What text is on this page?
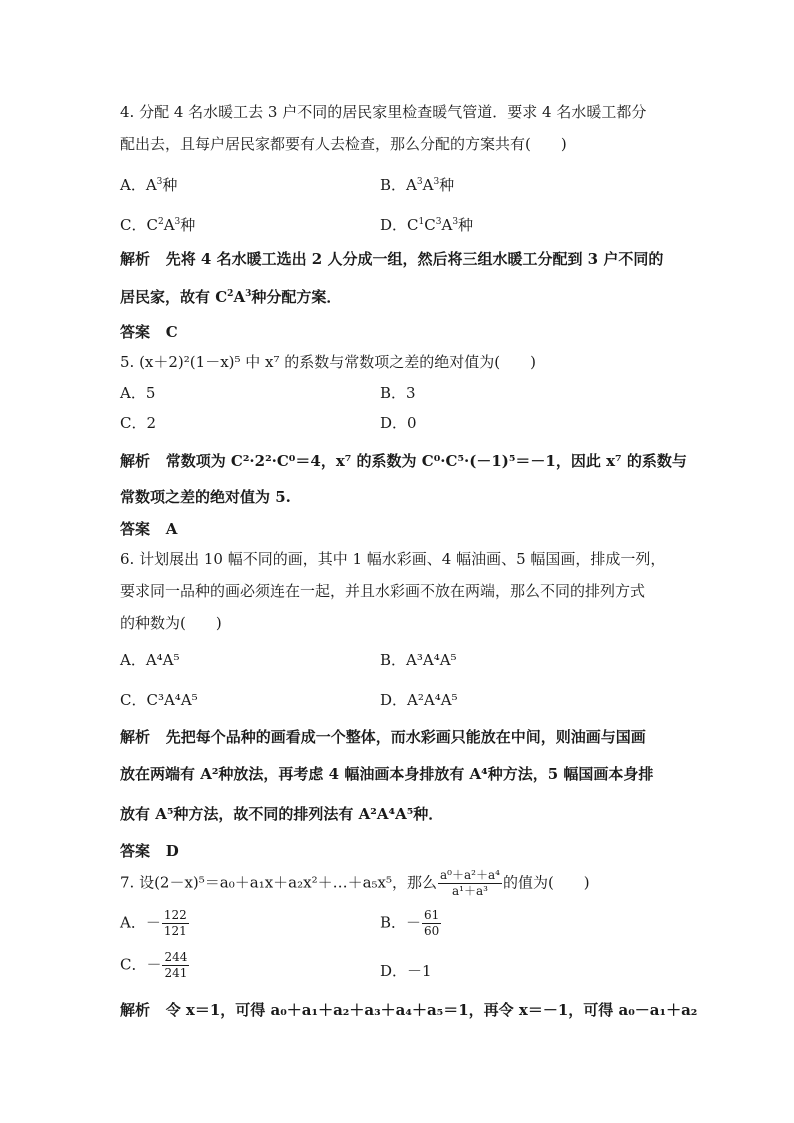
4. 分配 4 名水暖工去 3 户不同的居民家里检查暖气管道．要求 4 名水暖工都分
配出去，且每户居民家都要有人去检查，那么分配的方案共有(　　)
A．$A^3$种	B．$A^3A^3$种
C．$C^2A^3$种	D．$C^1C^3A^3$种
解析 先将 4 名水暖工选出 2 人分成一组，然后将三组水暖工分配到 3 户不同的
居民家，故有 $C^2A^3$种分配方案．
答案 C
5. (x＋2)²(1－x)⁵ 中 x⁷ 的系数与常数项之差的绝对值为(　　)
A．5	B．3
C．2	D．0
解析 常数项为 C²·2²·C⁰＝4，x⁷ 的系数为 C⁰·C⁵·(－1)⁵＝－1，因此 x⁷ 的系数与
常数项之差的绝对值为 5.
答案 A
6. 计划展出 10 幅不同的画，其中 1 幅水彩画、4 幅油画、5 幅国画，排成一列，
要求同一品种的画必须连在一起，并且水彩画不放在两端，那么不同的排列方式
的种数为(　　)
A．A⁴A⁵	B．A³A⁴A⁵
C．C³A⁴A⁵	D．A²A⁴A⁵
解析 先把每个品种的画看成一个整体，而水彩画只能放在中间，则油画与国画
放在两端有 A²种放法，再考虑 4 幅油画本身排放有 A⁴种方法，5 幅国画本身排
放有 A⁵种方法，故不同的排列法有 A²A⁴A⁵种．
答案 D
7. 设(2－x)⁵＝a₀＋a₁x＋a₂x²＋…＋a₅x⁵，那么 $\frac{\text{a⁰＋a²＋a⁴}}{\text{a¹＋a³}}$ 的值为(　　)
A．－ $\frac{122}{121}$	B．－ $\frac{61}{60}$
C．－ $\frac{244}{241}$	D．－1
解析 令 x＝1，可得 a₀＋a₁＋a₂＋a₃＋a₄＋a₅＝1，再令 x＝－1，可得 a₀－a₁＋a₂
